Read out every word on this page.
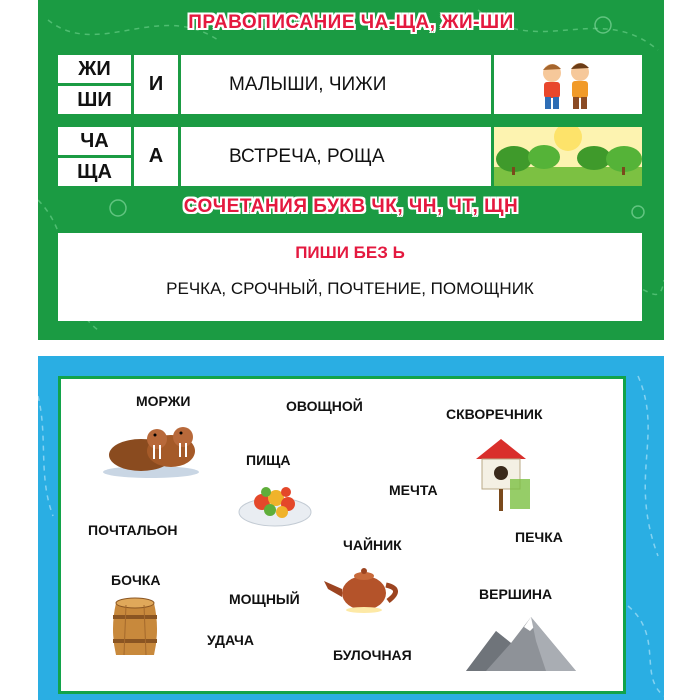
ПРАВОПИСАНИЕ ЧА-ЩА, ЖИ-ШИ
ЖИ
ШИ
И	МАЛЫШИ, ЧИЖИ
ЧА
ЩА
А	ВСТРЕЧА, РОЩА
СОЧЕТАНИЯ БУКВ ЧК, ЧН, ЧТ, ЩН
ПИШИ БЕЗ Ь
РЕЧКА, СРОЧНЫЙ, ПОЧТЕНИЕ, ПОМОЩНИК
МОРЖИ	ОВОЩНОЙ	СКВОРЕЧНИК
ПИЩА
МЕЧТА
ПОЧТАЛЬОН	ПЕЧКА
ЧАЙНИК
БОЧКА
МОЩНЫЙ	ВЕРШИНА
УДАЧА
БУЛОЧНАЯ
